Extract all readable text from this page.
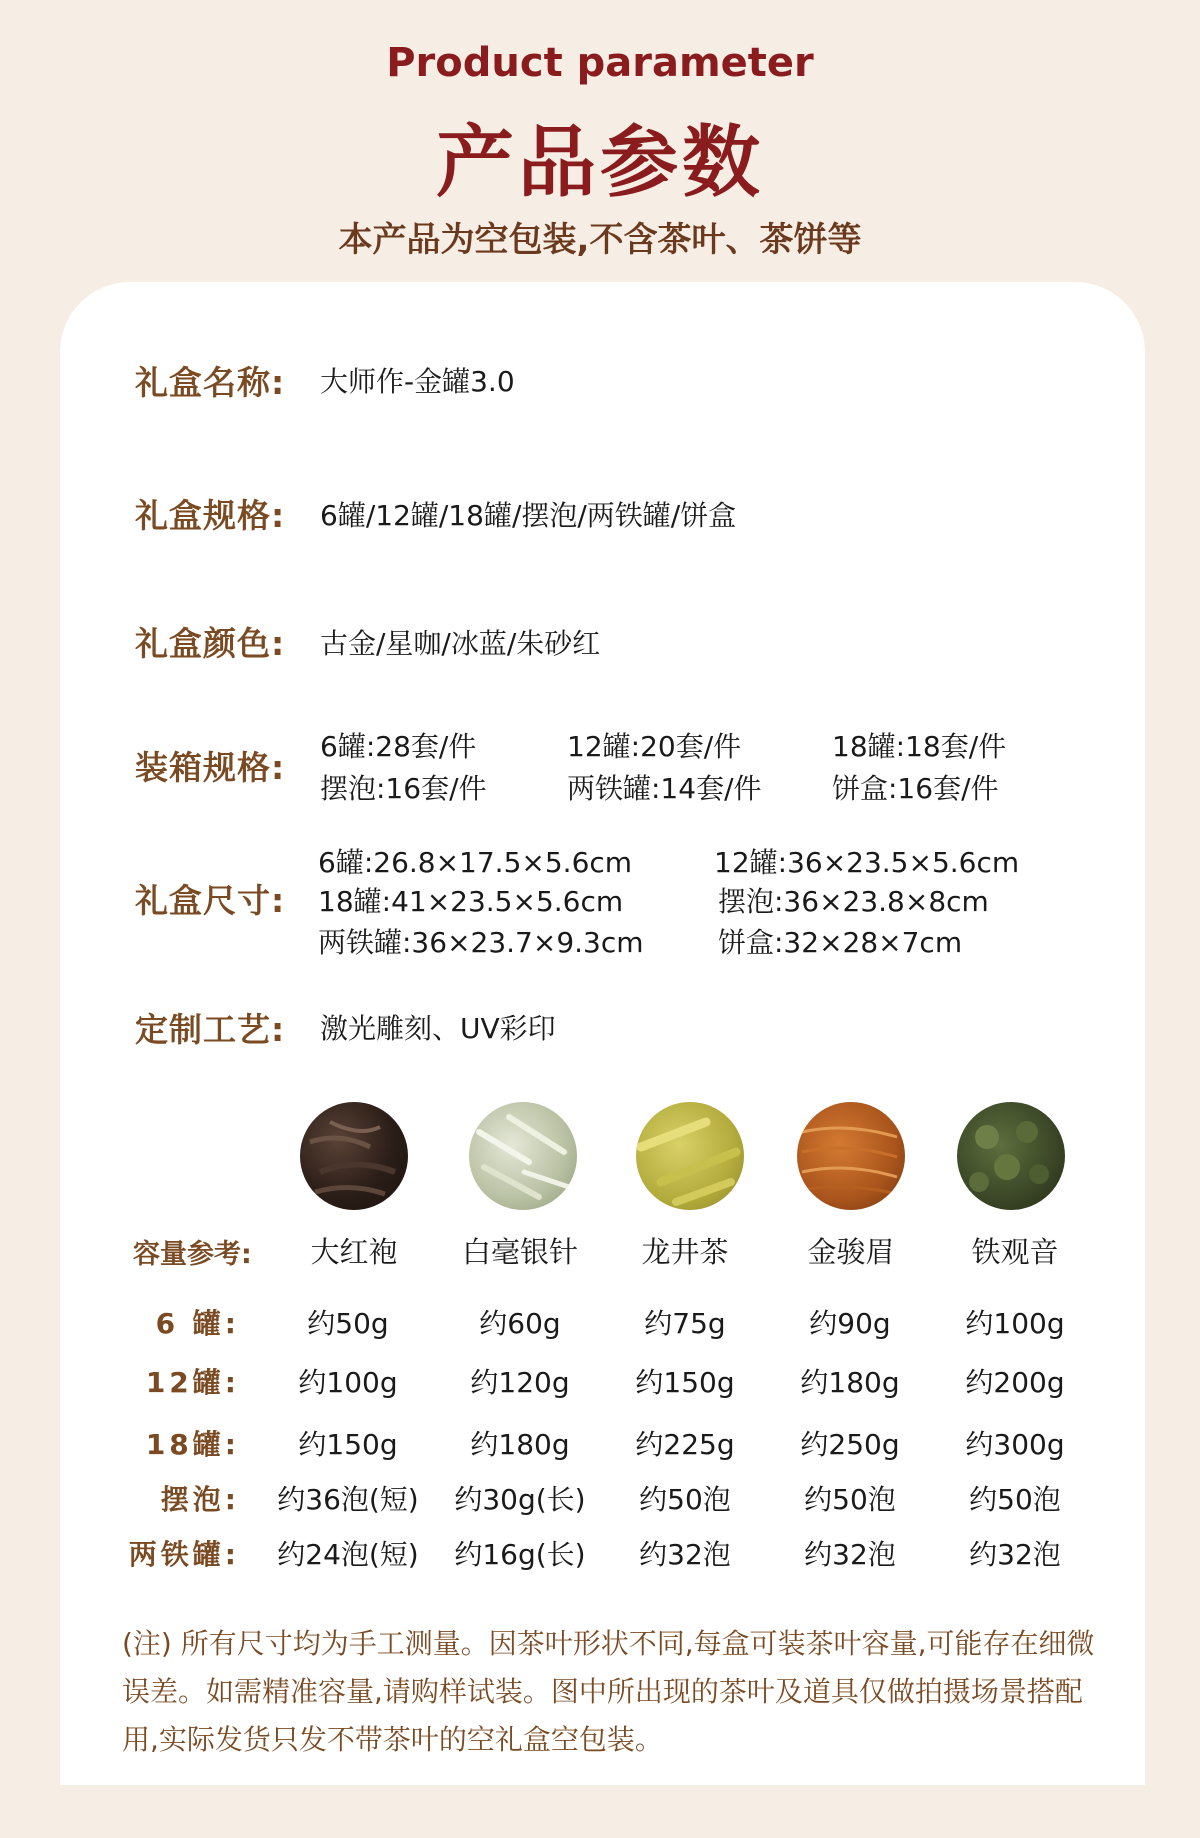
Product parameter
产品参数
本产品为空包装,不含茶叶、茶饼等
礼盒名称: 大师作-金罐3.0
礼盒规格: 6罐/12罐/18罐/摆泡/两铁罐/饼盒
礼盒颜色: 古金/星咖/冰蓝/朱砂红
装箱规格:
6罐:28套/件	12罐:20套/件	18罐:18套/件
摆泡:16套/件	两铁罐:14套/件	饼盒:16套/件
礼盒尺寸:
6罐:26.8×17.5×5.6cm	12罐:36×23.5×5.6cm
18罐:41×23.5×5.6cm	摆泡:36×23.8×8cm
两铁罐:36×23.7×9.3cm	饼盒:32×28×7cm
定制工艺: 激光雕刻、UV彩印
容量参考:	大红袍	白毫银针	龙井茶	金骏眉	铁观音
6 罐:	约50g	约60g	约75g	约90g	约100g
12罐:	约100g	约120g	约150g	约180g	约200g
18罐:	约150g	约180g	约225g	约250g	约300g
摆泡:	约36泡(短)	约30g(长)	约50泡	约50泡	约50泡
两铁罐:	约24泡(短)	约16g(长)	约32泡	约32泡	约32泡
(注) 所有尺寸均为手工测量。因茶叶形状不同,每盒可装茶叶容量,可能存在细微误差。如需精准容量,请购样试装。图中所出现的茶叶及道具仅做拍摄场景搭配用,实际发货只发不带茶叶的空礼盒空包装。
